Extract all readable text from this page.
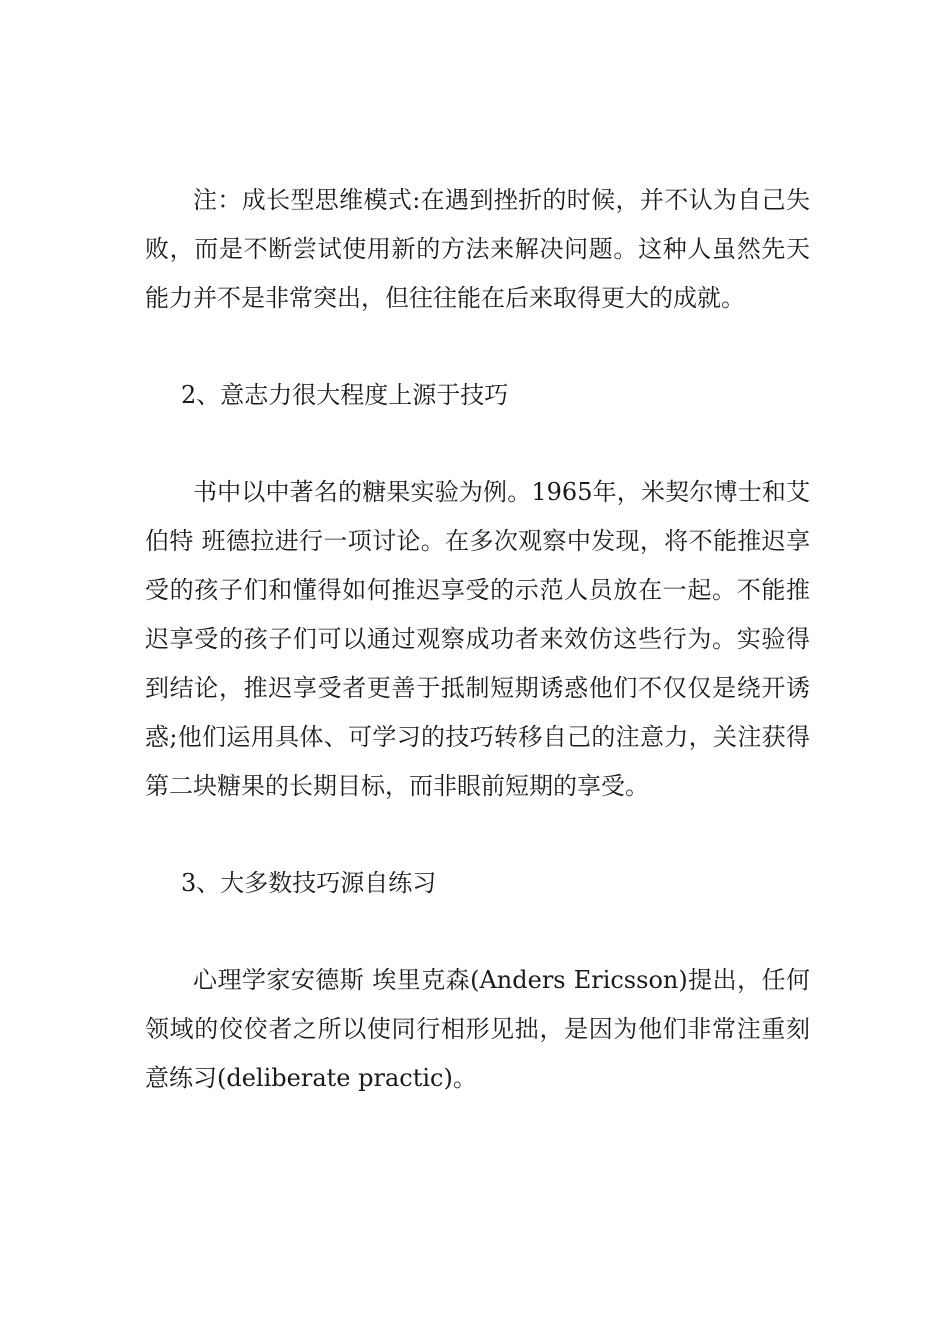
注：成长型思维模式:在遇到挫折的时候，并不认为自己失败，而是不断尝试使用新的方法来解决问题。这种人虽然先天能力并不是非常突出，但往往能在后来取得更大的成就。

2、意志力很大程度上源于技巧

书中以中著名的糖果实验为例。1965年，米契尔博士和艾伯特 班德拉进行一项讨论。在多次观察中发现，将不能推迟享受的孩子们和懂得如何推迟享受的示范人员放在一起。不能推迟享受的孩子们可以通过观察成功者来效仿这些行为。实验得到结论，推迟享受者更善于抵制短期诱惑他们不仅仅是绕开诱惑;他们运用具体、可学习的技巧转移自己的注意力，关注获得第二块糖果的长期目标，而非眼前短期的享受。

3、大多数技巧源自练习

心理学家安德斯 埃里克森(Anders Ericsson)提出，任何领域的佼佼者之所以使同行相形见拙，是因为他们非常注重刻意练习(deliberate practic)。
